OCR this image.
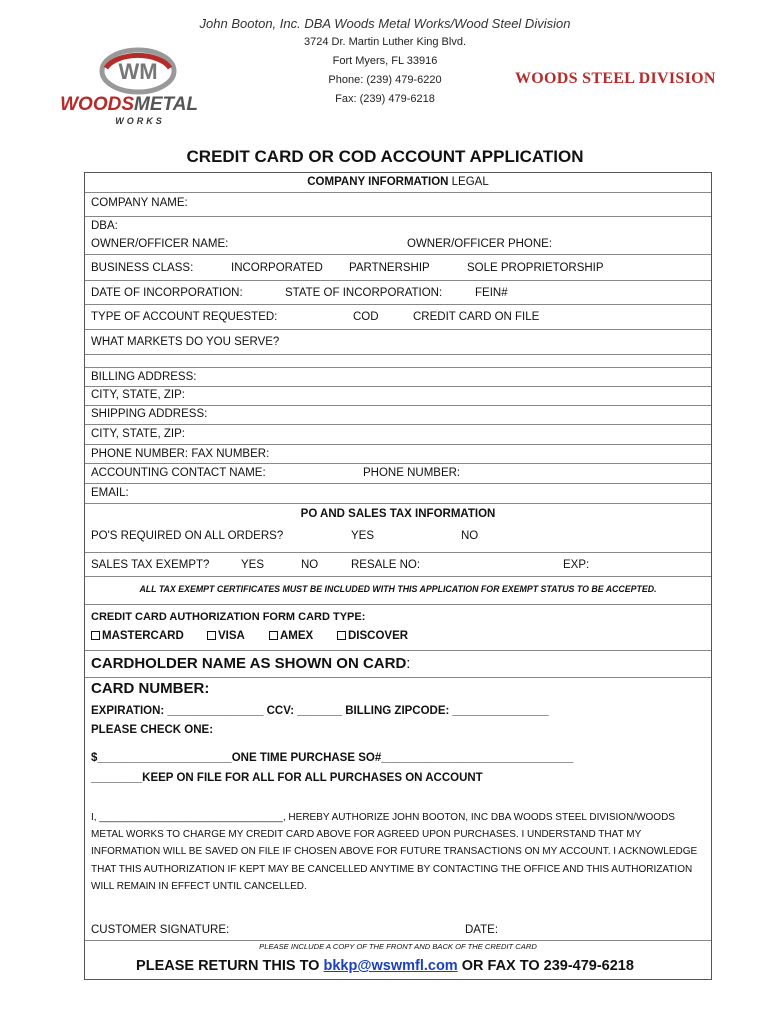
John Booton, Inc. DBA Woods Metal Works/Wood Steel Division
3724 Dr. Martin Luther King Blvd.
Fort Myers, FL 33916
Phone: (239) 479-6220
Fax: (239) 479-6218
WM
WOODS METAL
WORKS
WOODS STEEL DIVISION
CREDIT CARD OR COD ACCOUNT APPLICATION
COMPANY INFORMATION LEGAL
COMPANY NAME:
DBA:
OWNER/OFFICER NAME:	OWNER/OFFICER PHONE:
BUSINESS CLASS:	INCORPORATED PARTNERSHIP	SOLE PROPRIETORSHIP
DATE OF INCORPORATION:	STATE OF INCORPORATION:	FEIN#
TYPE OF ACCOUNT REQUESTED:	COD	CREDIT CARD ON FILE
WHAT MARKETS DO YOU SERVE?
BILLING ADDRESS:
CITY, STATE, ZIP:
SHIPPING ADDRESS:
CITY, STATE, ZIP:
PHONE NUMBER: FAX NUMBER:
ACCOUNTING CONTACT NAME:	PHONE NUMBER:
EMAIL:
PO AND SALES TAX INFORMATION
PO'S REQUIRED ON ALL ORDERS?	YES	NO
SALES TAX EXEMPT?	YES	NO	RESALE NO:	EXP:
ALL TAX EXEMPT CERTIFICATES MUST BE INCLUDED WITH THIS APPLICATION FOR EXEMPT STATUS TO BE ACCEPTED.
CREDIT CARD AUTHORIZATION FORM CARD TYPE:
MASTERCARD	VISA	AMEX	DISCOVER
CARDHOLDER NAME AS SHOWN ON CARD:
CARD NUMBER:
EXPIRATION: _______________ CCV: _______ BILLING ZIPCODE: _______________
PLEASE CHECK ONE:
$_____________________ONE TIME PURCHASE SO#______________________________
________KEEP ON FILE FOR ALL FOR ALL PURCHASES ON ACCOUNT
I, _________________________________, HEREBY AUTHORIZE JOHN BOOTON, INC DBA WOODS STEEL DIVISION/WOODS METAL WORKS TO CHARGE MY CREDIT CARD ABOVE FOR AGREED UPON PURCHASES. I UNDERSTAND THAT MY INFORMATION WILL BE SAVED ON FILE IF CHOSEN ABOVE FOR FUTURE TRANSACTIONS ON MY ACCOUNT. I ACKNOWLEDGE THAT THIS AUTHORIZATION IF KEPT MAY BE CANCELLED ANYTIME BY CONTACTING THE OFFICE AND THIS AUTHORIZATION WILL REMAIN IN EFFECT UNTIL CANCELLED.
CUSTOMER SIGNATURE:	DATE:
PLEASE INCLUDE A COPY OF THE FRONT AND BACK OF THE CREDIT CARD
PLEASE RETURN THIS TO bkkp@wswmfl.com OR FAX TO 239-479-6218
